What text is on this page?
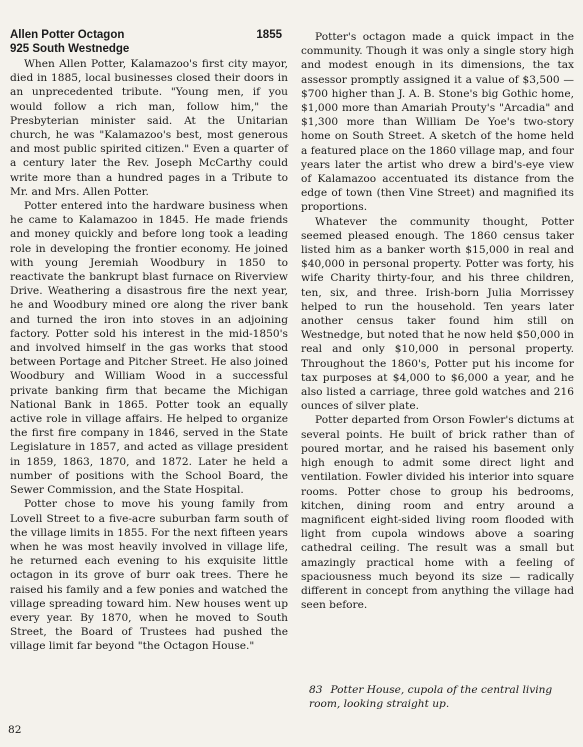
Allen Potter Octagon	1855
925 South Westnedge

When Allen Potter, Kalamazoo's first city mayor, died in 1885, local businesses closed their doors in an unprecedented tribute. "Young men, if you would follow a rich man, follow him," the Presbyterian minister said. At the Unitarian church, he was "Kalamazoo's best, most generous and most public spirited citizen." Even a quarter of a century later the Rev. Joseph McCarthy could write more than a hundred pages in a Tribute to Mr. and Mrs. Allen Potter.

Potter entered into the hardware business when he came to Kalamazoo in 1845. He made friends and money quickly and before long took a leading role in developing the frontier economy. He joined with young Jeremiah Woodbury in 1850 to reactivate the bankrupt blast furnace on Riverview Drive. Weathering a disastrous fire the next year, he and Woodbury mined ore along the river bank and turned the iron into stoves in an adjoining factory. Potter sold his interest in the mid-1850's and involved himself in the gas works that stood between Portage and Pitcher Street. He also joined Woodbury and William Wood in a successful private banking firm that became the Michigan National Bank in 1865. Potter took an equally active role in village affairs. He helped to organize the first fire company in 1846, served in the State Legislature in 1857, and acted as village president in 1859, 1863, 1870, and 1872. Later he held a number of positions with the School Board, the Sewer Commission, and the State Hospital.

Potter chose to move his young family from Lovell Street to a five-acre suburban farm south of the village limits in 1855. For the next fifteen years when he was most heavily involved in village life, he returned each evening to his exquisite little octagon in its grove of burr oak trees. There he raised his family and a few ponies and watched the village spreading toward him. New houses went up every year. By 1870, when he moved to South Street, the Board of Trustees had pushed the village limit far beyond "the Octagon House."

Potter's octagon made a quick impact in the community. Though it was only a single story high and modest enough in its dimensions, the tax assessor promptly assigned it a value of $3,500 — $700 higher than J. A. B. Stone's big Gothic home, $1,000 more than Amariah Prouty's "Arcadia" and $1,300 more than William De Yoe's two-story home on South Street. A sketch of the home held a featured place on the 1860 village map, and four years later the artist who drew a bird's-eye view of Kalamazoo accentuated its distance from the edge of town (then Vine Street) and magnified its proportions.

Whatever the community thought, Potter seemed pleased enough. The 1860 census taker listed him as a banker worth $15,000 in real and $40,000 in personal property. Potter was forty, his wife Charity thirty-four, and his three children, ten, six, and three. Irish-born Julia Morrissey helped to run the household. Ten years later another census taker found him still on Westnedge, but noted that he now held $50,000 in real and only $10,000 in personal property. Throughout the 1860's, Potter put his income for tax purposes at $4,000 to $6,000 a year, and he also listed a carriage, three gold watches and 216 ounces of silver plate.

Potter departed from Orson Fowler's dictums at several points. He built of brick rather than of poured mortar, and he raised his basement only high enough to admit some direct light and ventilation. Fowler divided his interior into square rooms. Potter chose to group his bedrooms, kitchen, dining room and entry around a magnificent eight-sided living room flooded with light from cupola windows above a soaring cathedral ceiling. The result was a small but amazingly practical home with a feeling of spaciousness much beyond its size — radically different in concept from anything the village had seen before.

83 Potter House, cupola of the central living room, looking straight up.
82
